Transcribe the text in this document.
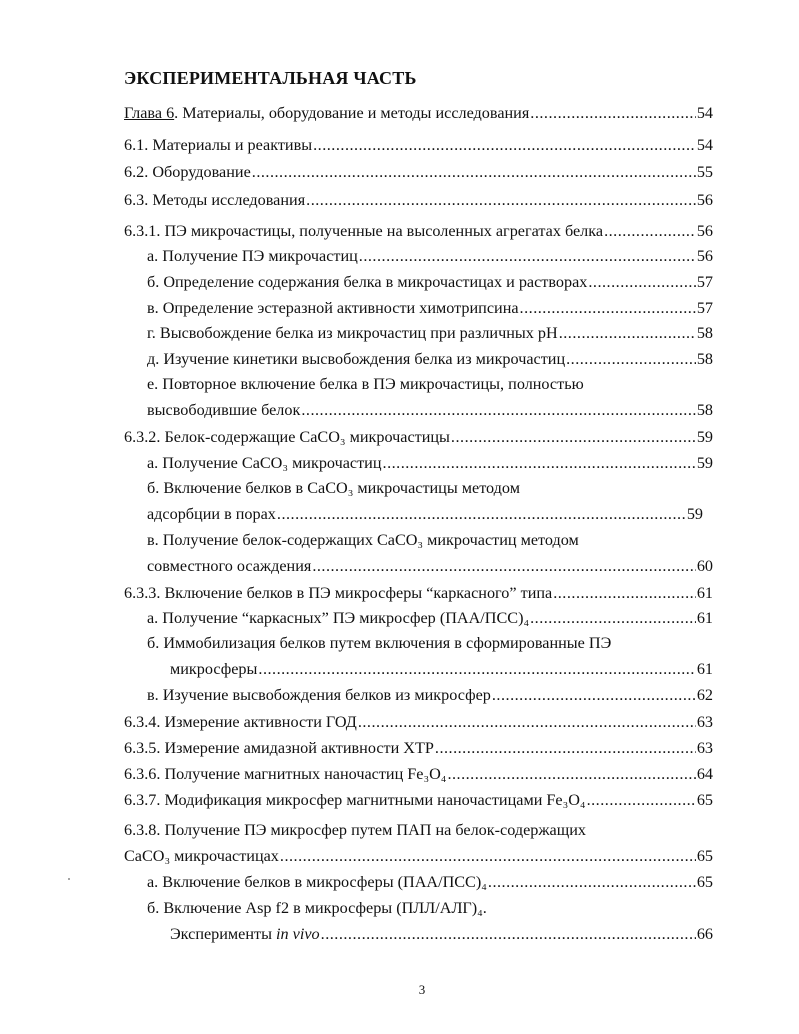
ЭКСПЕРИМЕНТАЛЬНАЯ ЧАСТЬ
Глава 6. Материалы, оборудование и методы исследования .....	54
6.1. Материалы и реактивы .....	54
6.2. Оборудование .....	55
6.3. Методы исследования .....	56
6.3.1. ПЭ микрочастицы, полученные на высоленных агрегатах белка .....	56
а. Получение ПЭ микрочастиц .....	56
б. Определение содержания белка в микрочастицах и растворах .....	57
в. Определение эстеразной активности химотрипсина .....	57
г. Высвобождение белка из микрочастиц при различных pH .....	58
д. Изучение кинетики высвобождения белка из микрочастиц .....	58
е. Повторное включение белка в ПЭ микрочастицы, полностью
высвободившие белок .....	58
6.3.2. Белок-содержащие CaCO₃ микрочастицы .....	59
а. Получение CaCO₃ микрочастиц .....	59
б. Включение белков в CaCO₃ микрочастицы методом
адсорбции в порах .....	59
в. Получение белок-содержащих CaCO₃ микрочастиц методом
совместного осаждения .....	60
6.3.3. Включение белков в ПЭ микросферы “каркасного” типа .....	61
а. Получение “каркасных” ПЭ микросфер (ПАА/ПСС)₄ .....	61
б. Иммобилизация белков путем включения в сформированные ПЭ
микросферы .....	61
в. Изучение высвобождения белков из микросфер .....	62
6.3.4. Измерение активности ГОД .....	63
6.3.5. Измерение амидазной активности ХТР .....	63
6.3.6. Получение магнитных наночастиц Fe₃O₄ .....	64
6.3.7. Модификация микросфер магнитными наночастицами Fe₃O₄ .....	65
6.3.8. Получение ПЭ микросфер путем ПАП на белок-содержащих
CaCO₃ микрочастицах .....	65
а. Включение белков в микросферы (ПАА/ПСС)₄ .....	65
б. Включение Asp f2 в микросферы (ПЛЛ/АЛГ)₄.
Эксперименты in vivo .....	66
3
